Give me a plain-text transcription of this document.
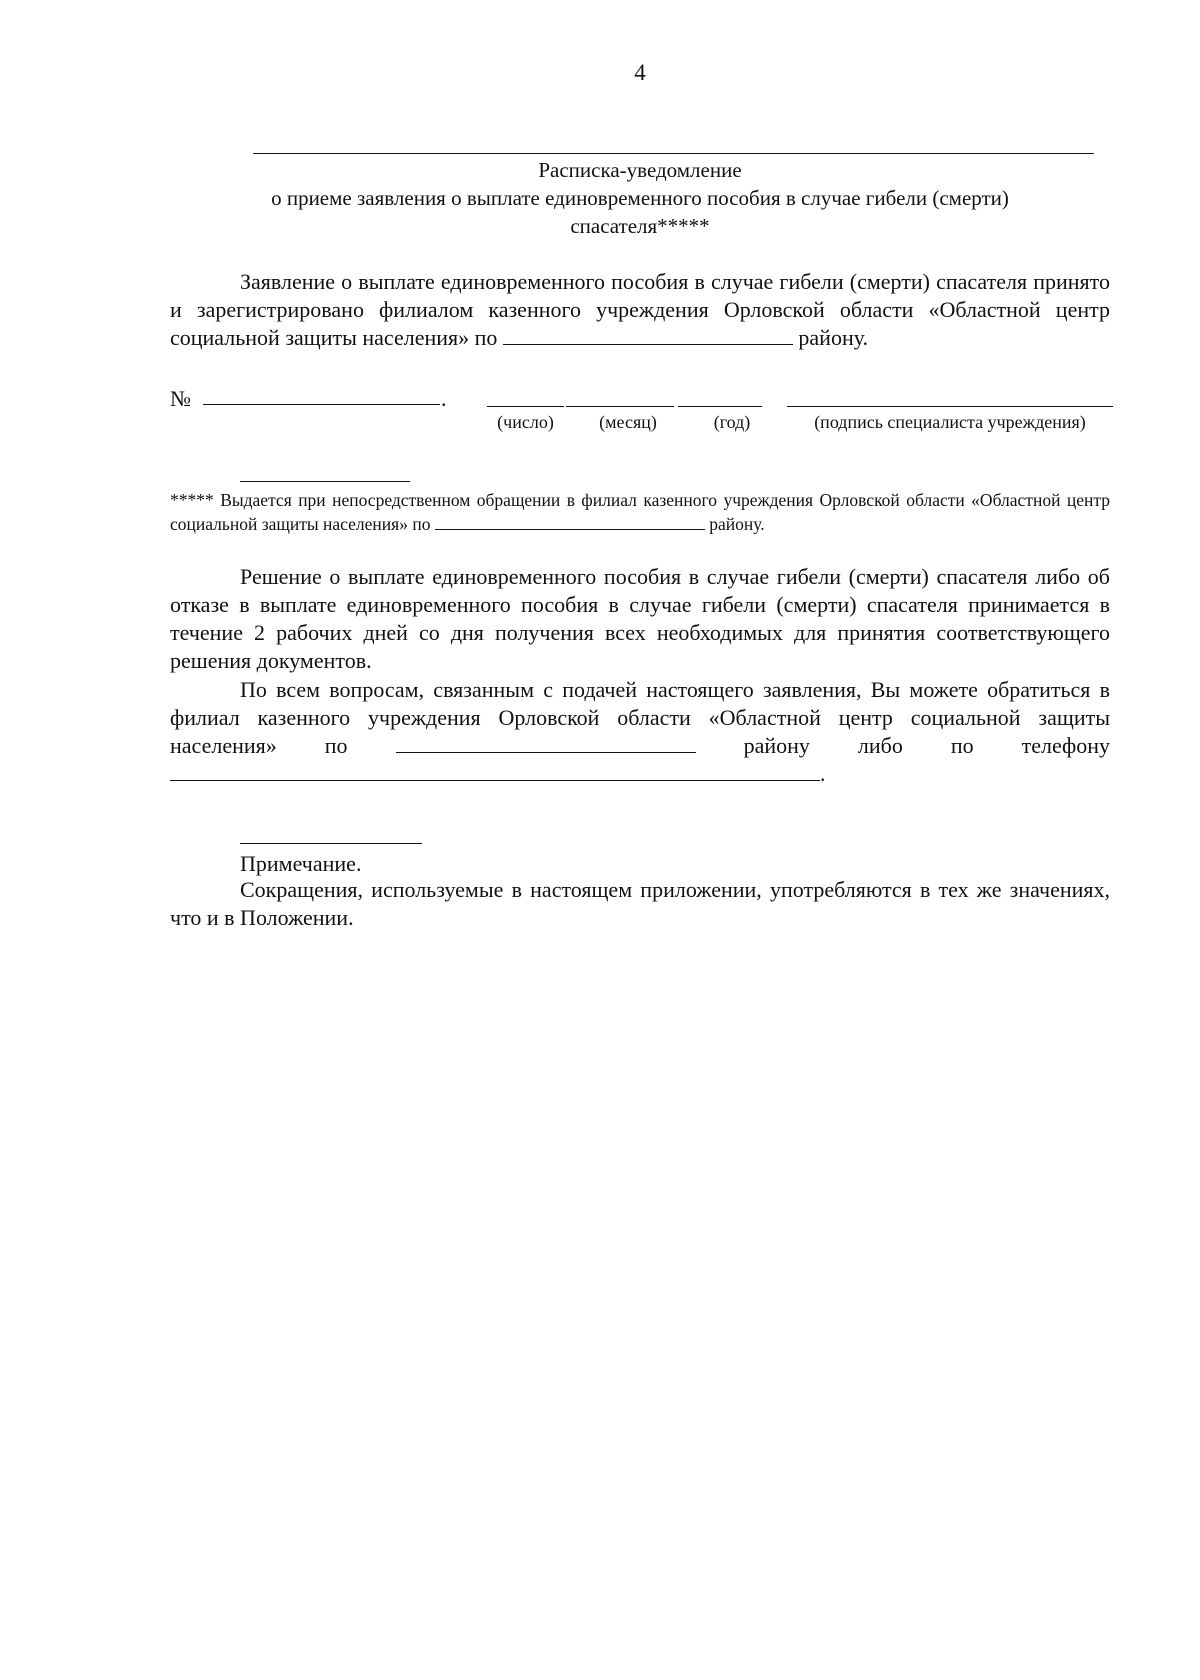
4
Расписка-уведомление
о приеме заявления о выплате единовременного пособия в случае гибели (смерти)
спасателя*****
Заявление о выплате единовременного пособия в случае гибели (смерти) спасателя принято и зарегистрировано филиалом казенного учреждения Орловской области «Областной центр социальной защиты населения» по	району.
№	.
(число)	(месяц)	(год)	(подпись специалиста учреждения)
***** Выдается при непосредственном обращении в филиал казенного учреждения Орловской области «Областной центр социальной защиты населения» по	району.
Решение о выплате единовременного пособия в случае гибели (смерти) спасателя либо об отказе в выплате единовременного пособия в случае гибели (смерти) спасателя принимается в течение 2 рабочих дней со дня получения всех необходимых для принятия соответствующего решения документов.
По всем вопросам, связанным с подачей настоящего заявления, Вы можете обратиться в филиал казенного учреждения Орловской области «Областной центр социальной защиты населения» по	району либо по телефону .
Примечание.
Сокращения, используемые в настоящем приложении, употребляются в тех же значениях, что и в Положении.
